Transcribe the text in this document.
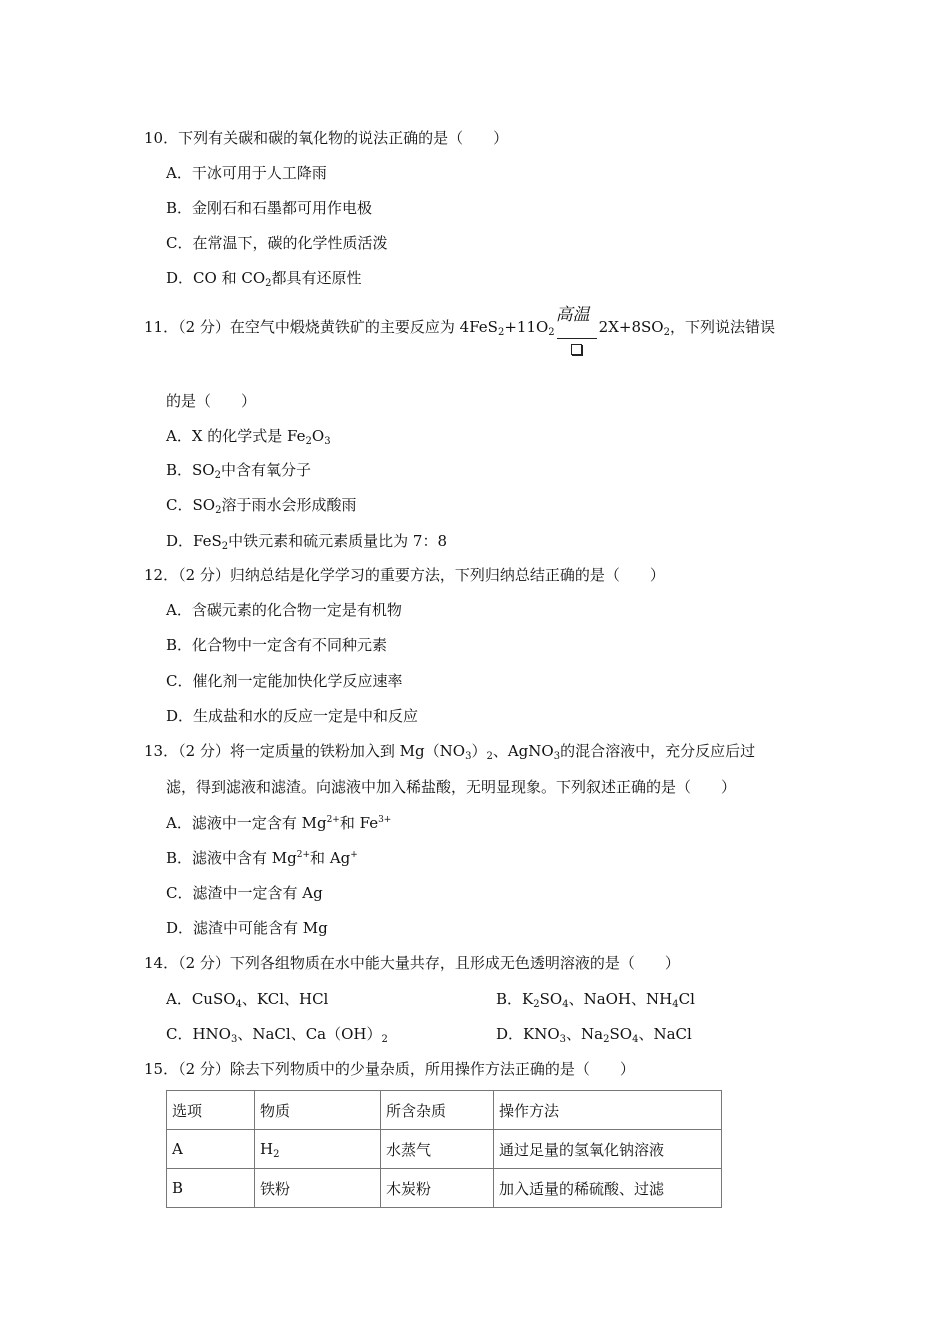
10．下列有关碳和碳的氧化物的说法正确的是（　　）
A．干冰可用于人工降雨
B．金刚石和石墨都可用作电极
C．在常温下，碳的化学性质活泼
D．CO 和 $CO_2$都具有还原性
11．（2 分）在空气中煅烧黄铁矿的主要反应为 $4FeS_2+11O_2$
高温
$2X+8SO_2$，下列说法错误
的是（　　）
A．X 的化学式是 $Fe_2O_3$
B．$SO_2$中含有氧分子
C．$SO_2$溶于雨水会形成酸雨
D．FeS$_2$中铁元素和硫元素质量比为 7：8
12．（2 分）归纳总结是化学学习的重要方法，下列归纳总结正确的是（　　）
A．含碳元素的化合物一定是有机物
B．化合物中一定含有不同种元素
C．催化剂一定能加快化学反应速率
D．生成盐和水的反应一定是中和反应
13．（2 分）将一定质量的铁粉加入到 $Mg(NO_3)_2$、AgNO$_3$的混合溶液中，充分反应后过
滤，得到滤液和滤渣。向滤液中加入稀盐酸，无明显现象。下列叙述正确的是（　　）
A．滤液中一定含有 $Mg^{2+}$和 $Fe^{3+}$
B．滤液中含有 $Mg^{2+}$和 Ag+
C．滤渣中一定含有 Ag
D．滤渣中可能含有 Mg
14．（2 分）下列各组物质在水中能大量共存，且形成无色透明溶液的是（　　）
A．CuSO$_4$、KCl、HCl	B．$K_2SO_4$、NaOH、$NH_4Cl$
C．$HNO_3$、NaCl、$Ca(OH)_2$	D．$KNO_3$、$Na_2SO_4$、NaCl
15．（2 分）除去下列物质中的少量杂质，所用操作方法正确的是（　　）
选项	物质	所含杂质	操作方法
A	$H_2$	水蒸气	通过足量的氢氧化钠溶液
B	铁粉	木炭粉	加入适量的稀硫酸、过滤
